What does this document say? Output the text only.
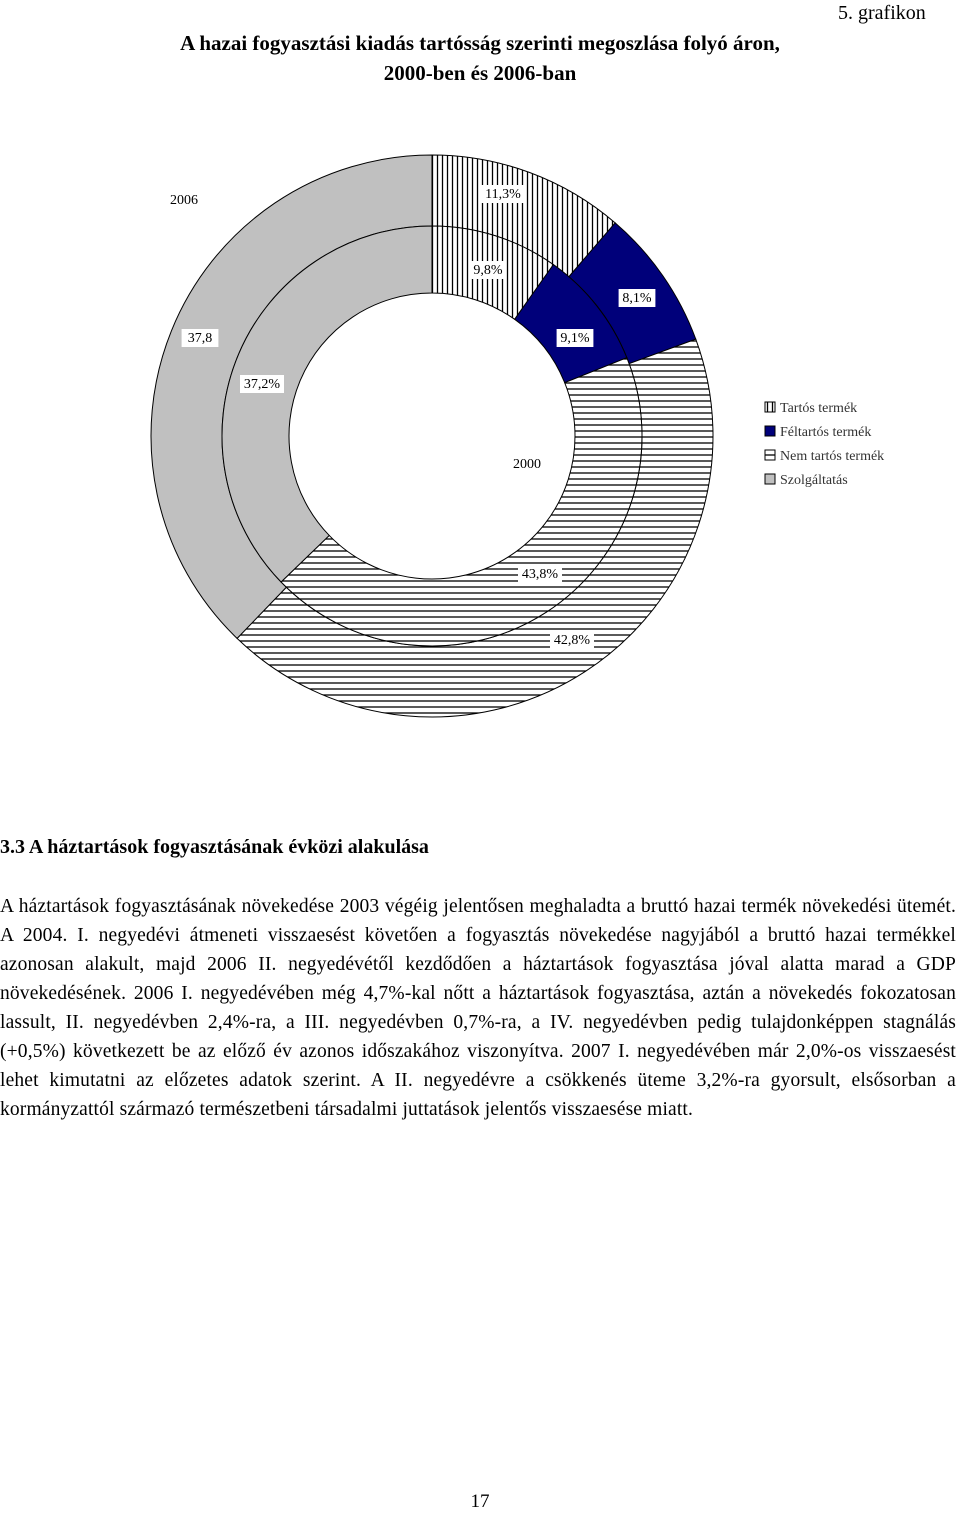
5. grafikon
A hazai fogyasztási kiadás tartósság szerinti megoszlása folyó áron,
2000-ben és 2006-ban
11,3%
8,1%
42,8%
37,8
9,8%
9,1%
43,8%
37,2%
2006
2000
Tartós termék
Féltartós termék
Nem tartós termék
Szolgáltatás
3.3 A háztartások fogyasztásának évközi alakulása
A háztartások fogyasztásának növekedése 2003 végéig jelentősen meghaladta a bruttó hazai termék növekedési ütemét. A 2004. I. negyedévi átmeneti visszaesést követően a fogyasztás növekedése nagyjából a bruttó hazai termékkel azonosan alakult, majd 2006 II. negyedévétől kezdődően a háztartások fogyasztása jóval alatta marad a GDP növekedésének. 2006 I. negyedévében még 4,7%-kal nőtt a háztartások fogyasztása, aztán a növekedés fokozatosan lassult, II. negyedévben 2,4%-ra, a III. negyedévben 0,7%-ra, a IV. negyedévben pedig tulajdonképpen stagnálás (+0,5%) következett be az előző év azonos időszakához viszonyítva. 2007 I. negyedévében már 2,0%-os visszaesést lehet kimutatni az előzetes adatok szerint. A II. negyedévre a csökkenés üteme 3,2%-ra gyorsult, elsősorban a kormányzattól származó természetbeni társadalmi juttatások jelentős visszaesése miatt.
17
